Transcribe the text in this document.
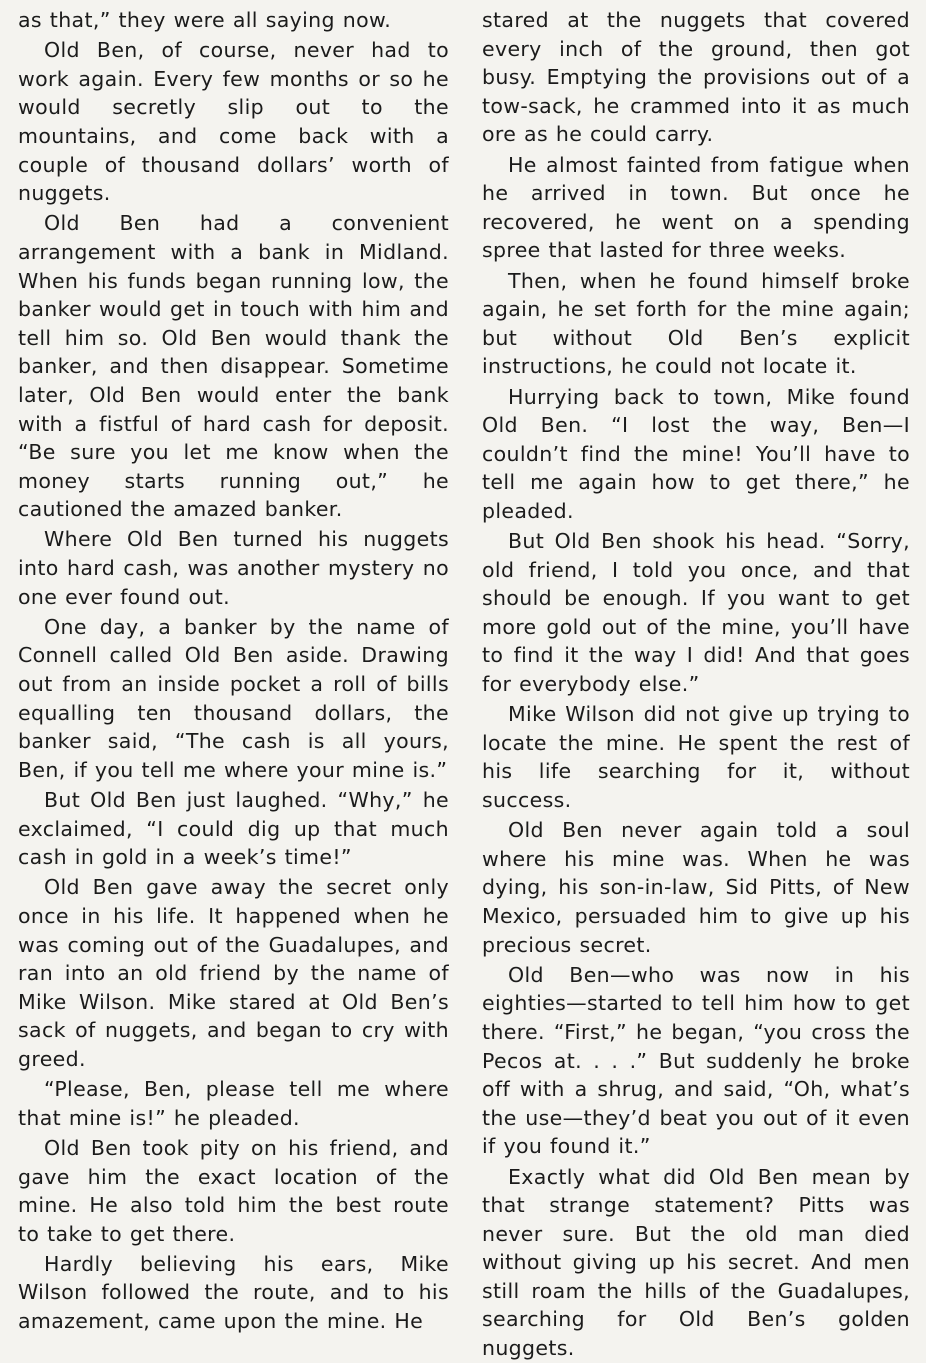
as that,” they were all saying now.

Old Ben, of course, never had to work again. Every few months or so he would secretly slip out to the mountains, and come back with a couple of thousand dollars’ worth of nuggets.

Old Ben had a convenient arrangement with a bank in Midland. When his funds began running low, the banker would get in touch with him and tell him so. Old Ben would thank the banker, and then disappear. Sometime later, Old Ben would enter the bank with a fistful of hard cash for deposit. “Be sure you let me know when the money starts running out,” he cautioned the amazed banker.

Where Old Ben turned his nuggets into hard cash, was another mystery no one ever found out.

One day, a banker by the name of Connell called Old Ben aside. Drawing out from an inside pocket a roll of bills equalling ten thousand dollars, the banker said, “The cash is all yours, Ben, if you tell me where your mine is.”

But Old Ben just laughed. “Why,” he exclaimed, “I could dig up that much cash in gold in a week’s time!”

Old Ben gave away the secret only once in his life. It happened when he was coming out of the Guadalupes, and ran into an old friend by the name of Mike Wilson. Mike stared at Old Ben’s sack of nuggets, and began to cry with greed.

“Please, Ben, please tell me where that mine is!” he pleaded.

Old Ben took pity on his friend, and gave him the exact location of the mine. He also told him the best route to take to get there.

Hardly believing his ears, Mike Wilson followed the route, and to his amazement, came upon the mine. He

stared at the nuggets that covered every inch of the ground, then got busy. Emptying the provisions out of a tow-sack, he crammed into it as much ore as he could carry.

He almost fainted from fatigue when he arrived in town. But once he recovered, he went on a spending spree that lasted for three weeks.

Then, when he found himself broke again, he set forth for the mine again; but without Old Ben’s explicit instructions, he could not locate it.

Hurrying back to town, Mike found Old Ben. “I lost the way, Ben—I couldn’t find the mine! You’ll have to tell me again how to get there,” he pleaded.

But Old Ben shook his head. “Sorry, old friend, I told you once, and that should be enough. If you want to get more gold out of the mine, you’ll have to find it the way I did! And that goes for everybody else.”

Mike Wilson did not give up trying to locate the mine. He spent the rest of his life searching for it, without success.

Old Ben never again told a soul where his mine was. When he was dying, his son-in-law, Sid Pitts, of New Mexico, persuaded him to give up his precious secret.

Old Ben—who was now in his eighties—started to tell him how to get there. “First,” he began, “you cross the Pecos at. . . .” But suddenly he broke off with a shrug, and said, “Oh, what’s the use—they’d beat you out of it even if you found it.”

Exactly what did Old Ben mean by that strange statement? Pitts was never sure. But the old man died without giving up his secret. And men still roam the hills of the Guadalupes, searching for Old Ben’s golden nuggets.
